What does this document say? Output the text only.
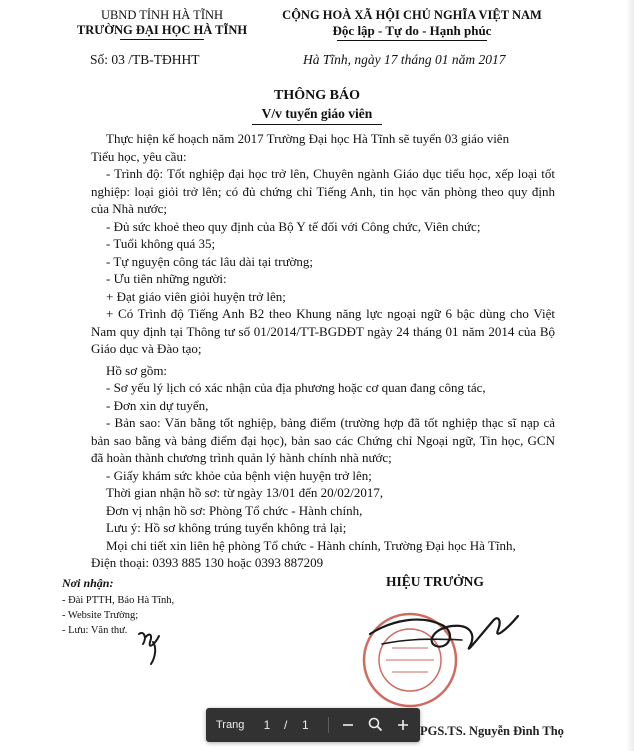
UBND TỈNH HÀ TĨNH
TRƯỜNG ĐẠI HỌC HÀ TĨNH
CỘNG HOÀ XÃ HỘI CHỦ NGHĨA VIỆT NAM
Độc lập - Tự do - Hạnh phúc
Số: 03 /TB-TĐHHT	Hà Tĩnh, ngày 17 tháng 01 năm 2017
THÔNG BÁO
V/v tuyển giáo viên

Thực hiện kế hoạch năm 2017 Trường Đại học Hà Tĩnh sẽ tuyển 03 giáo viên

Tiểu học, yêu cầu:

- Trình độ: Tốt nghiệp đại học trở lên, Chuyên ngành Giáo dục tiểu học, xếp loại tốt nghiệp: loại giỏi trở lên; có đủ chứng chỉ Tiếng Anh, tin học văn phòng theo quy định của Nhà nước;

- Đủ sức khoẻ theo quy định của Bộ Y tế đối với Công chức, Viên chức;

- Tuổi không quá 35;

- Tự nguyện công tác lâu dài tại trường;

- Ưu tiên những người:

+ Đạt giáo viên giỏi huyện trở lên;

+ Có Trình độ Tiếng Anh B2 theo Khung năng lực ngoại ngữ 6 bậc dùng cho Việt Nam quy định tại Thông tư số 01/2014/TT-BGDĐT ngày 24 tháng 01 năm 2014 của Bộ Giáo dục và Đào tạo;

Hồ sơ gồm:

- Sơ yếu lý lịch có xác nhận của địa phương hoặc cơ quan đang công tác,

- Đơn xin dự tuyển,

- Bản sao: Văn bằng tốt nghiệp, bảng điểm (trường hợp đã tốt nghiệp thạc sĩ nạp cả bản sao bằng và bảng điểm đại học), bản sao các Chứng chỉ Ngoại ngữ, Tin học, GCN đã hoàn thành chương trình quản lý hành chính nhà nước;

- Giấy khám sức khỏe của bệnh viện huyện trở lên;

Thời gian nhận hồ sơ: từ ngày 13/01 đến 20/02/2017,

Đơn vị nhận hồ sơ: Phòng Tổ chức - Hành chính,

Lưu ý: Hồ sơ không trúng tuyển không trả lại;

Mọi chi tiết xin liên hệ phòng Tổ chức - Hành chính, Trường Đại học Hà Tĩnh,

Điện thoại: 0393 885 130 hoặc 0393 887209

Nơi nhận:
- Đài PTTH, Báo Hà Tĩnh,
- Website Trường;
- Lưu: Văn thư.
HIỆU TRƯỞNG
PGS.TS. Nguyễn Đình Thọ
Trang	1	/ 1
